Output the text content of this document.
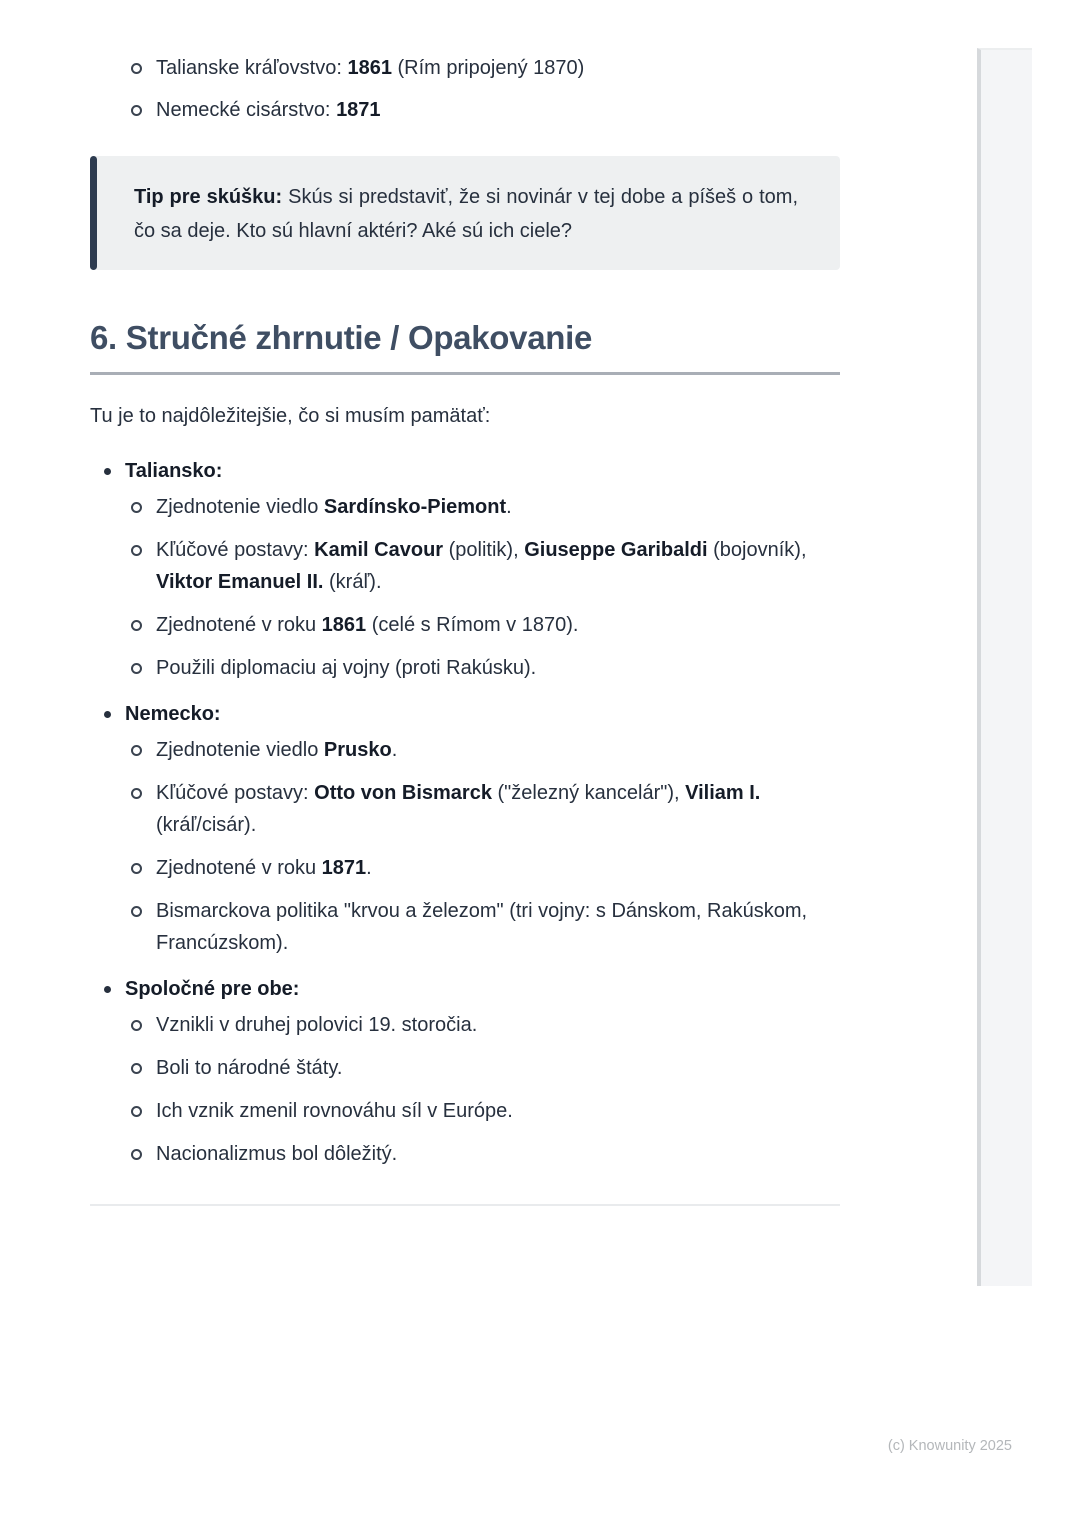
Talianske kráľovstvo: 1861 (Rím pripojený 1870)
Nemecké cisárstvo: 1871
Tip pre skúšku: Skús si predstaviť, že si novinár v tej dobe a píšeš o tom, čo sa deje. Kto sú hlavní aktéri? Aké sú ich ciele?
6. Stručné zhrnutie / Opakovanie

Tu je to najdôležitejšie, čo si musím pamätať:

Taliansko:
Zjednotenie viedlo Sardínsko-Piemont.
Kľúčové postavy: Kamil Cavour (politik), Giuseppe Garibaldi (bojovník), Viktor Emanuel II. (kráľ).
Zjednotené v roku 1861 (celé s Rímom v 1870).
Použili diplomaciu aj vojny (proti Rakúsku).
Nemecko:
Zjednotenie viedlo Prusko.
Kľúčové postavy: Otto von Bismarck ("železný kancelár"), Viliam I. (kráľ/cisár).
Zjednotené v roku 1871.
Bismarckova politika "krvou a železom" (tri vojny: s Dánskom, Rakúskom, Francúzskom).
Spoločné pre obe:
Vznikli v druhej polovici 19. storočia.
Boli to národné štáty.
Ich vznik zmenil rovnováhu síl v Európe.
Nacionalizmus bol dôležitý.
(c) Knowunity 2025
